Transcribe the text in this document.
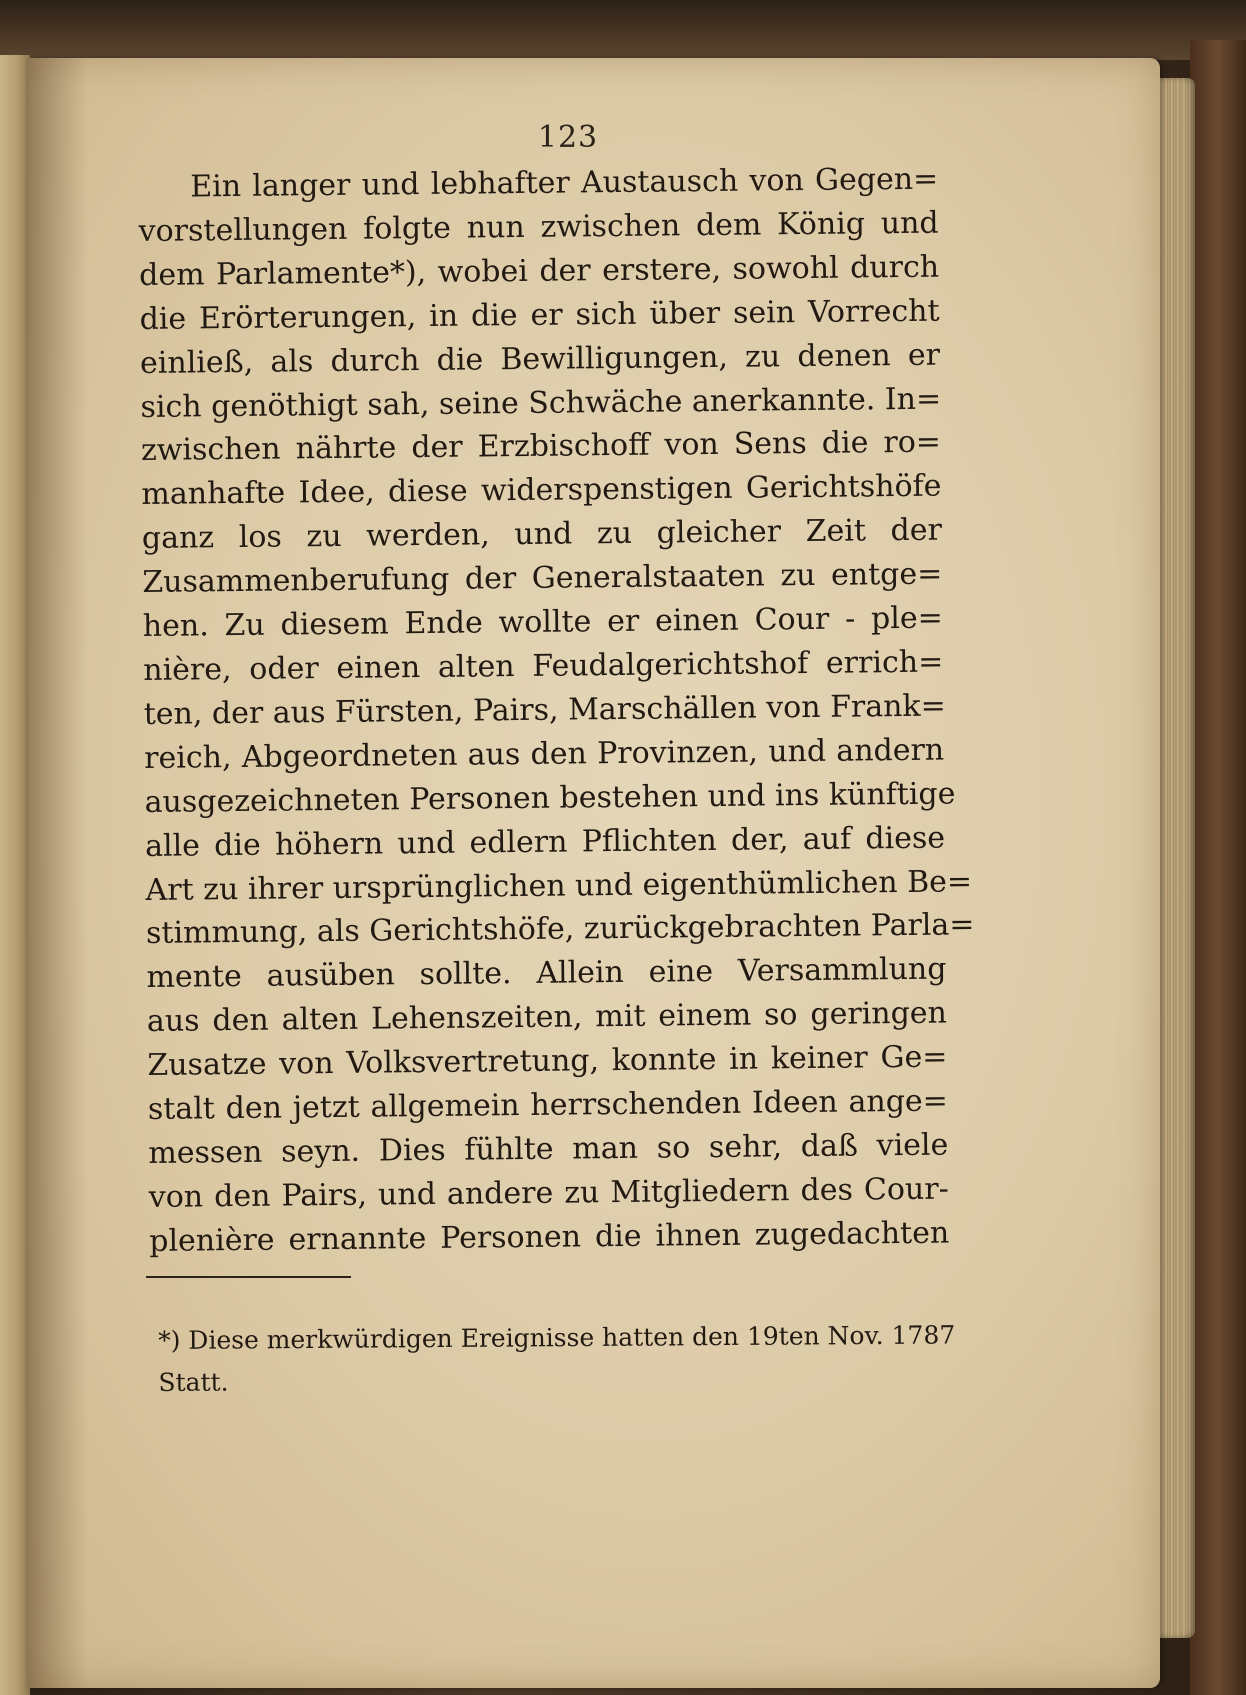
123
Ein langer und lebhafter Austausch von Gegen=
vorstellungen folgte nun zwischen dem König und
dem Parlamente*), wobei der erstere, sowohl durch
die Erörterungen, in die er sich über sein Vorrecht
einließ, als durch die Bewilligungen, zu denen er
sich genöthigt sah, seine Schwäche anerkannte. In=
zwischen nährte der Erzbischoff von Sens die ro=
manhafte Idee, diese widerspenstigen Gerichtshöfe
ganz los zu werden, und zu gleicher Zeit der
Zusammenberufung der Generalstaaten zu entge=
hen. Zu diesem Ende wollte er einen Cour - ple=
nière, oder einen alten Feudalgerichtshof errich=
ten, der aus Fürsten, Pairs, Marschällen von Frank=
reich, Abgeordneten aus den Provinzen, und andern
ausgezeichneten Personen bestehen und ins künftige
alle die höhern und edlern Pflichten der, auf diese
Art zu ihrer ursprünglichen und eigenthümlichen Be=
stimmung, als Gerichtshöfe, zurückgebrachten Parla=
mente ausüben sollte. Allein eine Versammlung
aus den alten Lehenszeiten, mit einem so geringen
Zusatze von Volksvertretung, konnte in keiner Ge=
stalt den jetzt allgemein herrschenden Ideen ange=
messen seyn. Dies fühlte man so sehr, daß viele
von den Pairs, und andere zu Mitgliedern des Cour-
plenière ernannte Personen die ihnen zugedachten
*) Diese merkwürdigen Ereignisse hatten den 19ten Nov. 1787
Statt.
